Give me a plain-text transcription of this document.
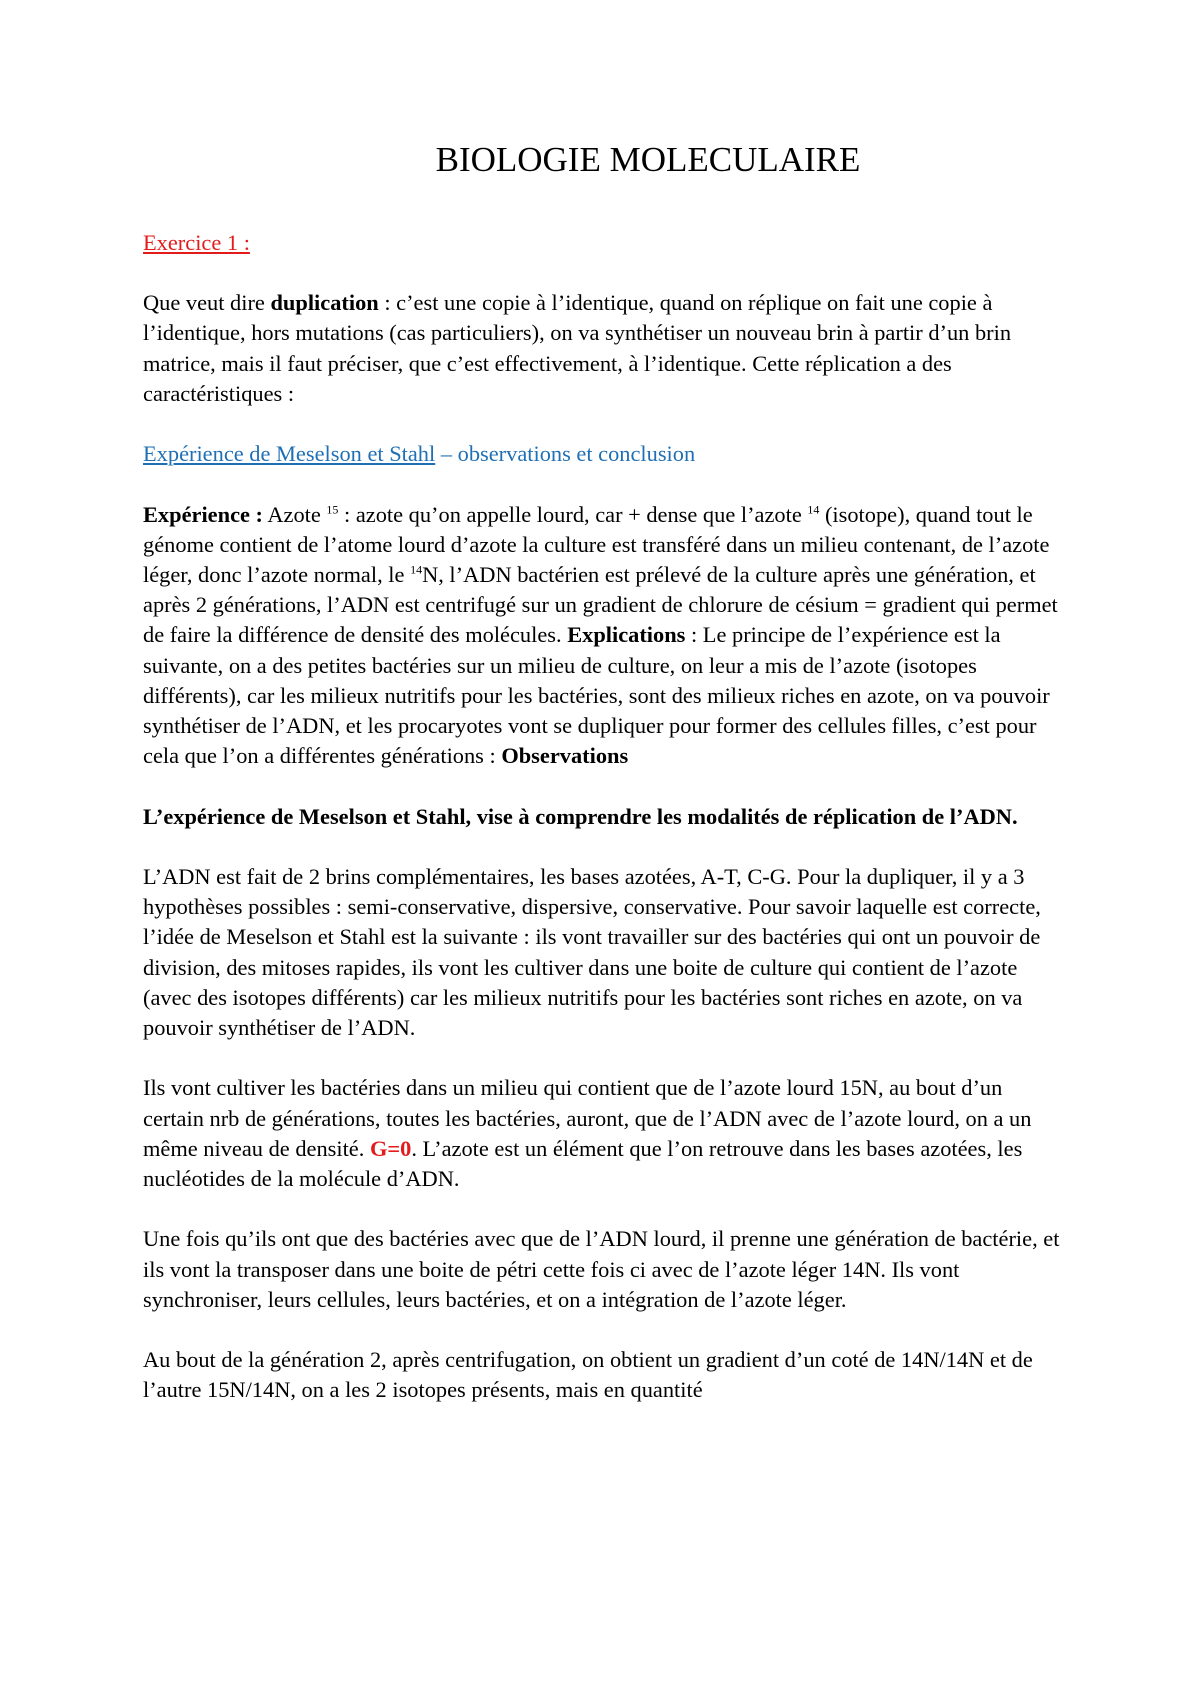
BIOLOGIE MOLECULAIRE
Exercice 1 :
Que veut dire duplication : c’est une copie à l’identique, quand on réplique on fait une copie à l’identique, hors mutations (cas particuliers), on va synthétiser un nouveau brin à partir d’un brin matrice, mais il faut préciser, que c’est effectivement, à l’identique. Cette réplication a des caractéristiques :
Expérience de Meselson et Stahl – observations et conclusion
Expérience : Azote $^{15}$ : azote qu’on appelle lourd, car + dense que l’azote $^{14}$ (isotope), quand tout le génome contient de l’atome lourd d’azote la culture est transféré dans un milieu contenant, de l’azote léger, donc l’azote normal, le $^{14}$N, l’ADN bactérien est prélevé de la culture après une génération, et après 2 générations, l’ADN est centrifugé sur un gradient de chlorure de césium = gradient qui permet de faire la différence de densité des molécules. Explications : Le principe de l’expérience est la suivante, on a des petites bactéries sur un milieu de culture, on leur a mis de l’azote (isotopes différents), car les milieux nutritifs pour les bactéries, sont des milieux riches en azote, on va pouvoir synthétiser de l’ADN, et les procaryotes vont se dupliquer pour former des cellules filles, c’est pour cela que l’on a différentes générations : Observations
L’expérience de Meselson et Stahl, vise à comprendre les modalités de réplication de l’ADN.
L’ADN est fait de 2 brins complémentaires, les bases azotées, A-T, C-G. Pour la dupliquer, il y a 3 hypothèses possibles : semi-conservative, dispersive, conservative. Pour savoir laquelle est correcte, l’idée de Meselson et Stahl est la suivante : ils vont travailler sur des bactéries qui ont un pouvoir de division, des mitoses rapides, ils vont les cultiver dans une boite de culture qui contient de l’azote (avec des isotopes différents) car les milieux nutritifs pour les bactéries sont riches en azote, on va pouvoir synthétiser de l’ADN.
Ils vont cultiver les bactéries dans un milieu qui contient que de l’azote lourd 15N, au bout d’un certain nrb de générations, toutes les bactéries, auront, que de l’ADN avec de l’azote lourd, on a un même niveau de densité. G=0. L’azote est un élément que l’on retrouve dans les bases azotées, les nucléotides de la molécule d’ADN.
Une fois qu’ils ont que des bactéries avec que de l’ADN lourd, il prenne une génération de bactérie, et ils vont la transposer dans une boite de pétri cette fois ci avec de l’azote léger 14N. Ils vont synchroniser, leurs cellules, leurs bactéries, et on a intégration de l’azote léger.
Au bout de la génération 2, après centrifugation, on obtient un gradient d’un coté de 14N/14N et de l’autre 15N/14N, on a les 2 isotopes présents, mais en quantité
